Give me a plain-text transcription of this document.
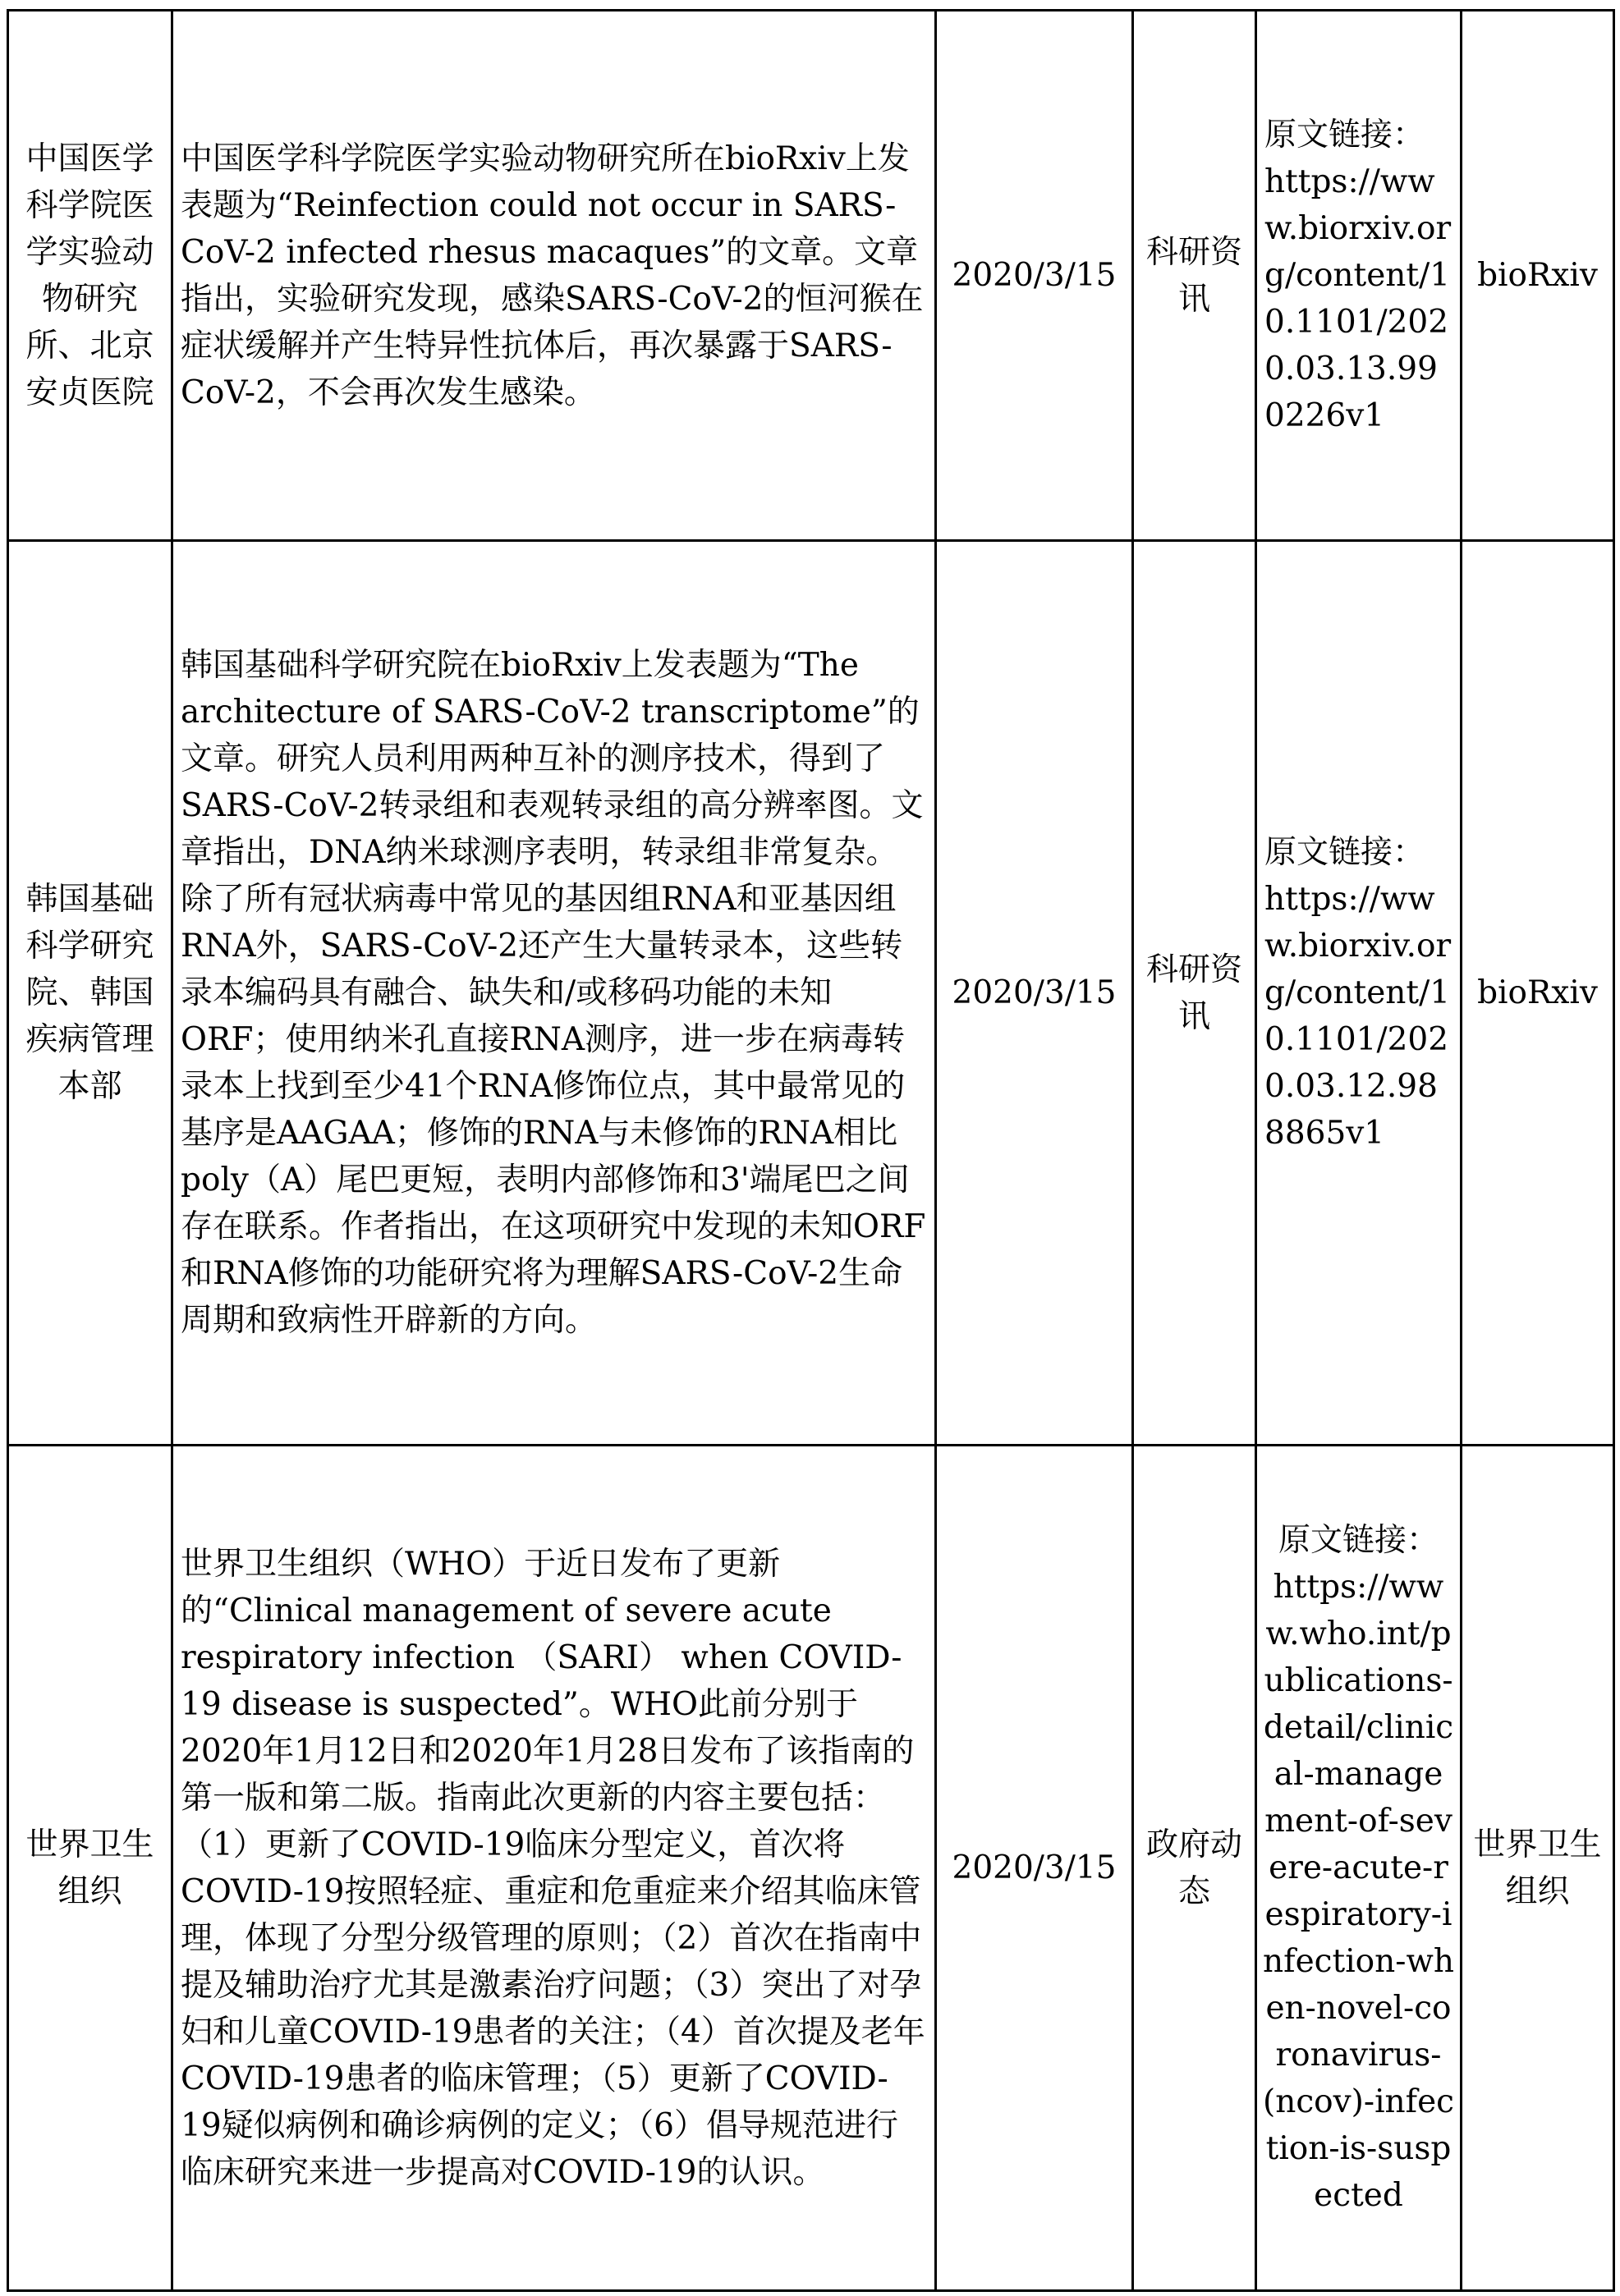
中国医学科学院医学实验动物研究所、北京安贞医院	中国医学科学院医学实验动物研究所在bioRxiv上发表题为“Reinfection could not occur in SARS-CoV-2 infected rhesus macaques”的文章。文章指出，实验研究发现，感染SARS-CoV-2的恒河猴在症状缓解并产生特异性抗体后，再次暴露于SARS-CoV-2，不会再次发生感染。	2020/3/15	科研资讯	原文链接：
https://www.biorxiv.org/content/10.1101/2020.03.13.990226v1	bioRxiv
韩国基础科学研究院、韩国疾病管理本部	韩国基础科学研究院在bioRxiv上发表题为“The architecture of SARS-CoV-2 transcriptome”的文章。研究人员利用两种互补的测序技术，得到了SARS-CoV-2转录组和表观转录组的高分辨率图。文章指出，DNA纳米球测序表明，转录组非常复杂。除了所有冠状病毒中常见的基因组RNA和亚基因组RNA外，SARS-CoV-2还产生大量转录本，这些转录本编码具有融合、缺失和/或移码功能的未知ORF；使用纳米孔直接RNA测序，进一步在病毒转录本上找到至少41个RNA修饰位点，其中最常见的基序是AAGAA；修饰的RNA与未修饰的RNA相比poly（A）尾巴更短，表明内部修饰和3'端尾巴之间存在联系。作者指出，在这项研究中发现的未知ORF和RNA修饰的功能研究将为理解SARS-CoV-2生命周期和致病性开辟新的方向。	2020/3/15	科研资讯	原文链接：
https://www.biorxiv.org/content/10.1101/2020.03.12.988865v1	bioRxiv
世界卫生组织	世界卫生组织（WHO）于近日发布了更新的“Clinical management of severe acute respiratory infection （SARI） when COVID-19 disease is suspected”。WHO此前分别于2020年1月12日和2020年1月28日发布了该指南的第一版和第二版。指南此次更新的内容主要包括：（1）更新了COVID-19临床分型定义，首次将COVID-19按照轻症、重症和危重症来介绍其临床管理，体现了分型分级管理的原则；（2）首次在指南中提及辅助治疗尤其是激素治疗问题；（3）突出了对孕妇和儿童COVID-19患者的关注；（4）首次提及老年COVID-19患者的临床管理；（5）更新了COVID-19疑似病例和确诊病例的定义；（6）倡导规范进行临床研究来进一步提高对COVID-19的认识。	2020/3/15	政府动态	原文链接：
https://www.who.int/publications-detail/clinical-management-of-severe-acute-respiratory-infection-when-novel-coronavirus-(ncov)-infection-is-suspected	世界卫生组织
